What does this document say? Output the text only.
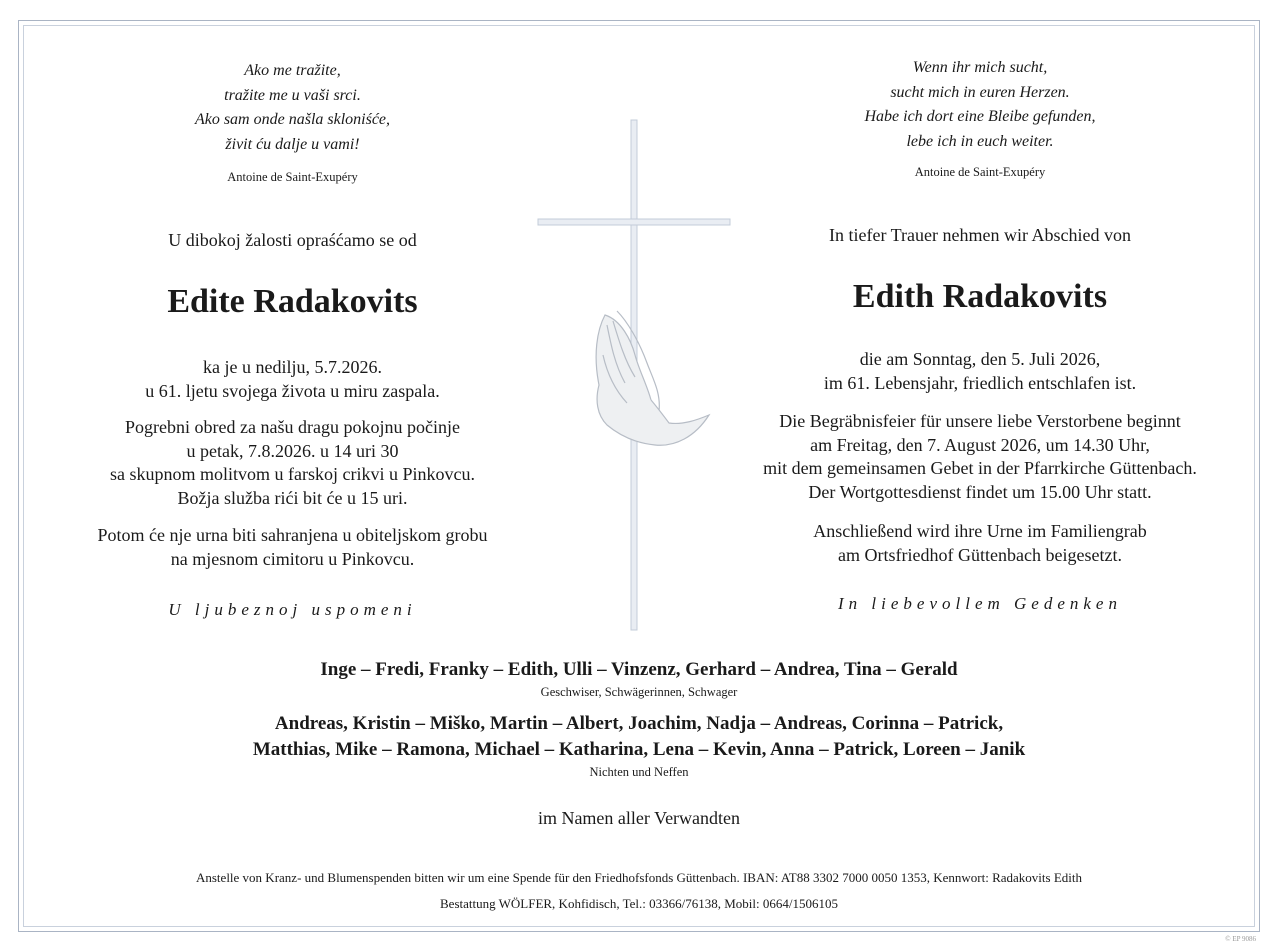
Ako me tražite,
tražite me u vaši srci.
Ako sam onde našla skloniśće,
živit ću dalje u vami!
Antoine de Saint-Exupéry
U dibokoj žalosti opraśćamo se od
Edite Radakovits
ka je u nedilju, 5.7.2026.
u 61. ljetu svojega života u miru zaspala.
Pogrebni obred za našu dragu pokojnu počinje
u petak, 7.8.2026. u 14 uri 30
sa skupnom molitvom u farskoj crikvi u Pinkovcu.
Božja služba rići bit će u 15 uri.
Potom će nje urna biti sahranjena u obiteljskom grobu
na mjesnom cimitoru u Pinkovcu.
U ljubeznoj uspomeni
Wenn ihr mich sucht,
sucht mich in euren Herzen.
Habe ich dort eine Bleibe gefunden,
lebe ich in euch weiter.
Antoine de Saint-Exupéry
In tiefer Trauer nehmen wir Abschied von
Edith Radakovits
die am Sonntag, den 5. Juli 2026,
im 61. Lebensjahr, friedlich entschlafen ist.
Die Begräbnisfeier für unsere liebe Verstorbene beginnt
am Freitag, den 7. August 2026, um 14.30 Uhr,
mit dem gemeinsamen Gebet in der Pfarrkirche Güttenbach.
Der Wortgottesdienst findet um 15.00 Uhr statt.
Anschließend wird ihre Urne im Familiengrab
am Ortsfriedhof Güttenbach beigesetzt.
In liebevollem Gedenken
Inge – Fredi, Franky – Edith, Ulli – Vinzenz, Gerhard – Andrea, Tina – Gerald
Geschwiser, Schwägerinnen, Schwager
Andreas, Kristin – Miško, Martin – Albert, Joachim, Nadja – Andreas, Corinna – Patrick,
Matthias, Mike – Ramona, Michael – Katharina, Lena – Kevin, Anna – Patrick, Loreen – Janik
Nichten und Neffen
im Namen aller Verwandten
Anstelle von Kranz- und Blumenspenden bitten wir um eine Spende für den Friedhofsfonds Güttenbach. IBAN: AT88 3302 7000 0050 1353, Kennwort: Radakovits Edith
Bestattung WÖLFER, Kohfidisch, Tel.: 03366/76138, Mobil: 0664/1506105
© EP 9086
